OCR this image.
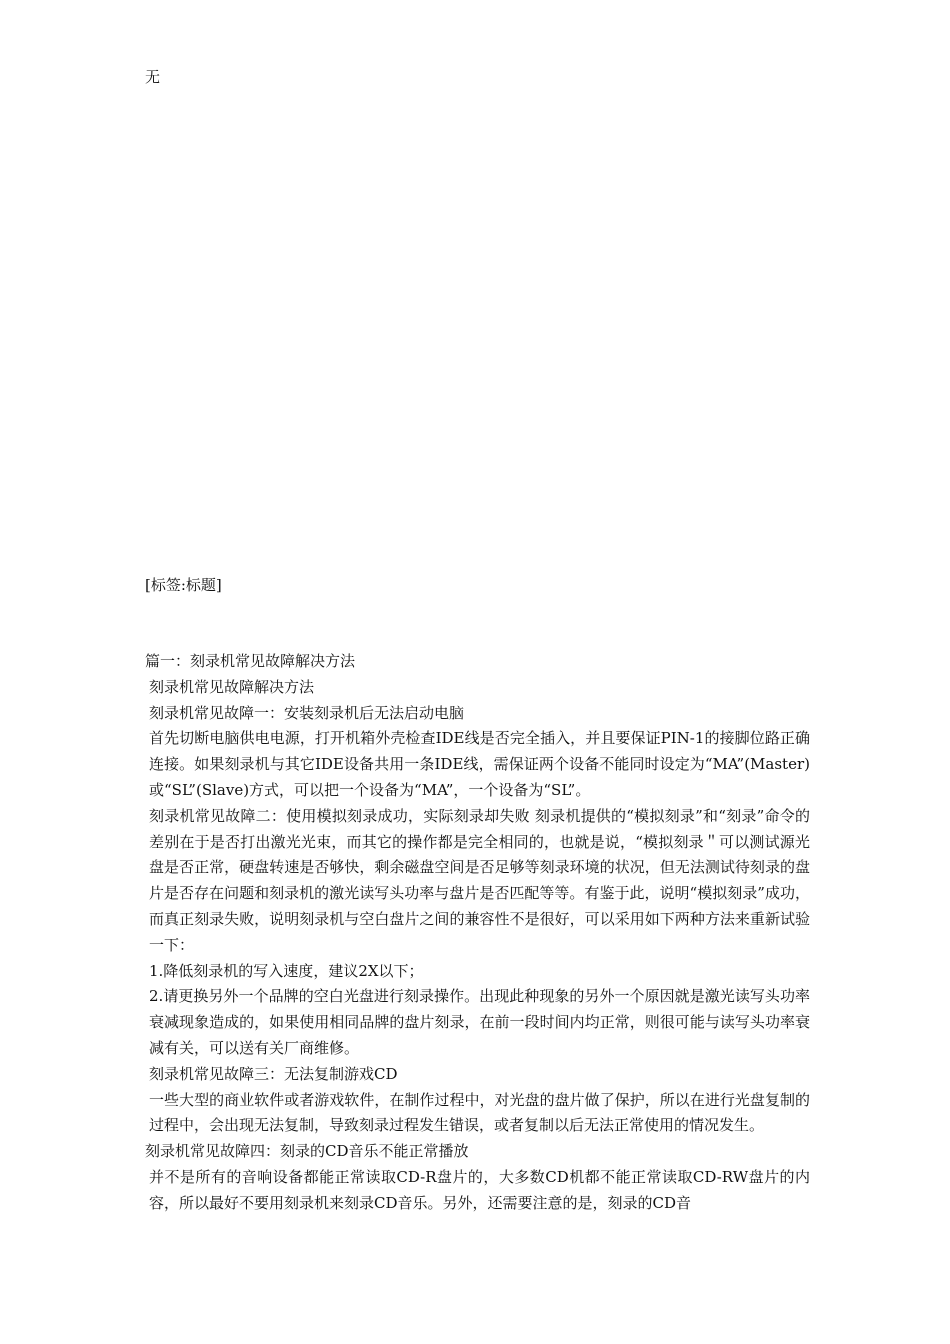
无
[标签:标题]

篇一：刻录机常见故障解决方法

刻录机常见故障解决方法

刻录机常见故障一：安装刻录机后无法启动电脑

首先切断电脑供电电源，打开机箱外壳检查IDE线是否完全插入，并且要保证PIN-1的接脚位路正确连接。如果刻录机与其它IDE设备共用一条IDE线，需保证两个设备不能同时设定为“MA”(Master)或“SL”(Slave)方式，可以把一个设备为“MA”，一个设备为“SL”。

刻录机常见故障二：使用模拟刻录成功，实际刻录却失败 刻录机提供的“模拟刻录”和“刻录”命令的差别在于是否打出激光光束，而其它的操作都是完全相同的，也就是说，“模拟刻录＂可以测试源光盘是否正常，硬盘转速是否够快，剩余磁盘空间是否足够等刻录环境的状况，但无法测试待刻录的盘片是否存在问题和刻录机的激光读写头功率与盘片是否匹配等等。有鉴于此，说明“模拟刻录”成功，而真正刻录失败，说明刻录机与空白盘片之间的兼容性不是很好，可以采用如下两种方法来重新试验一下：

1.降低刻录机的写入速度，建议2X以下；

2.请更换另外一个品牌的空白光盘进行刻录操作。出现此种现象的另外一个原因就是激光读写头功率衰减现象造成的，如果使用相同品牌的盘片刻录，在前一段时间内均正常，则很可能与读写头功率衰减有关，可以送有关厂商维修。

刻录机常见故障三：无法复制游戏CD

一些大型的商业软件或者游戏软件，在制作过程中，对光盘的盘片做了保护，所以在进行光盘复制的过程中，会出现无法复制，导致刻录过程发生错误，或者复制以后无法正常使用的情况发生。

刻录机常见故障四：刻录的CD音乐不能正常播放

并不是所有的音响设备都能正常读取CD-R盘片的，大多数CD机都不能正常读取CD-RW盘片的内容，所以最好不要用刻录机来刻录CD音乐。另外，还需要注意的是，刻录的CD音
